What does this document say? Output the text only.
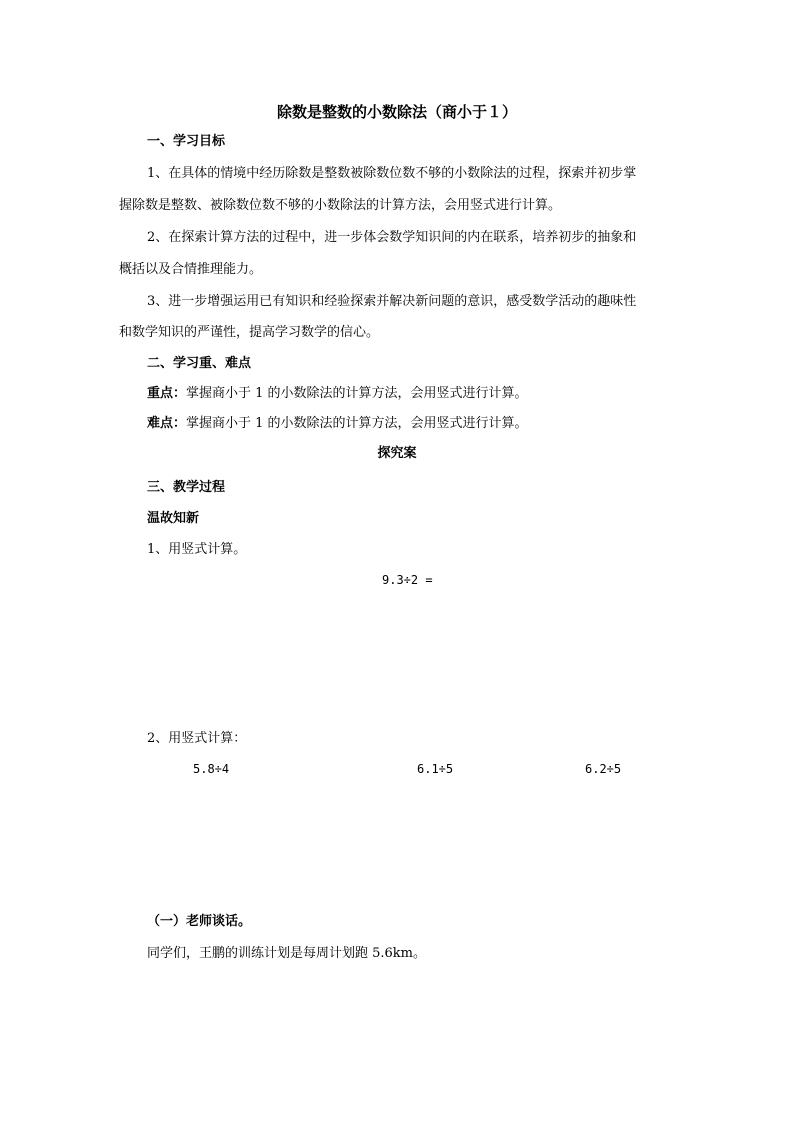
除数是整数的小数除法（商小于１）
一、学习目标
1、在具体的情境中经历除数是整数被除数位数不够的小数除法的过程，探索并初步掌
握除数是整数、被除数位数不够的小数除法的计算方法，会用竖式进行计算。
2、在探索计算方法的过程中，进一步体会数学知识间的内在联系，培养初步的抽象和
概括以及合情推理能力。
3、进一步增强运用已有知识和经验探索并解决新问题的意识，感受数学活动的趣味性
和数学知识的严谨性，提高学习数学的信心。
二、学习重、难点
重点：掌握商小于 1 的小数除法的计算方法，会用竖式进行计算。
难点：掌握商小于 1 的小数除法的计算方法，会用竖式进行计算。
探究案
三、教学过程
温故知新
1、用竖式计算。
9.3÷2 =
2、用竖式计算：
5.8÷4	6.1÷5	6.2÷5
（一）老师谈话。
同学们，王鹏的训练计划是每周计划跑 5.6km。
